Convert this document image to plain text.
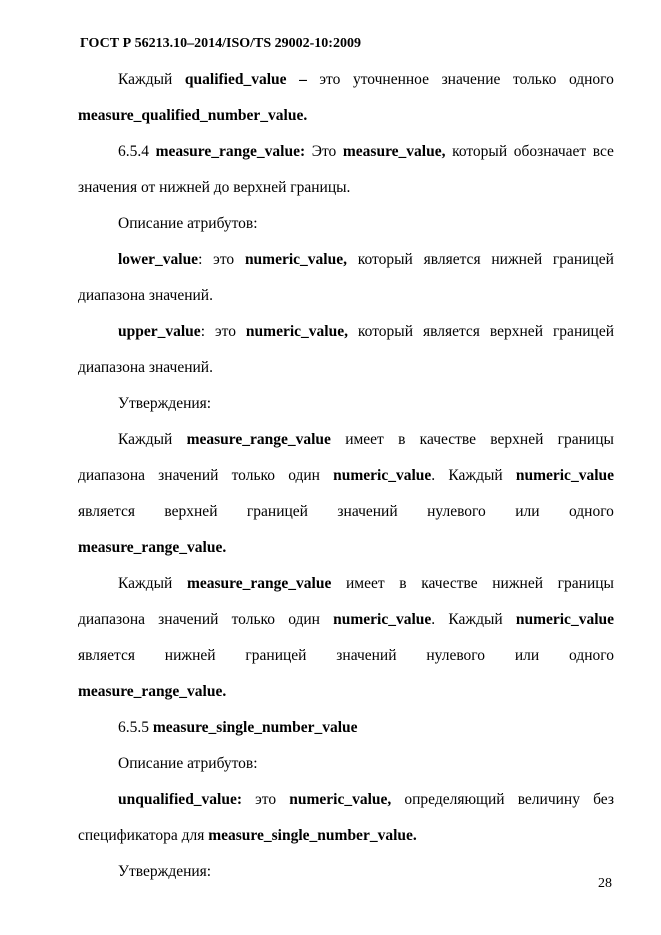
ГОСТ Р 56213.10–2014/ISO/TS 29002-10:2009
Каждый qualified_value – это уточненное значение только одного
measure_qualified_number_value.
6.5.4 measure_range_value: Это measure_value, который обозначает все
значения от нижней до верхней границы.
Описание атрибутов:
lower_value: это numeric_value, который является нижней границей
диапазона значений.
upper_value: это numeric_value, который является верхней границей
диапазона значений.
Утверждения:
Каждый measure_range_value имеет в качестве верхней границы
диапазона значений только один numeric_value. Каждый numeric_value
является верхней границей значений нулевого или одного
measure_range_value.
Каждый measure_range_value имеет в качестве нижней границы
диапазона значений только один numeric_value. Каждый numeric_value
является нижней границей значений нулевого или одного
measure_range_value.
6.5.5 measure_single_number_value
Описание атрибутов:
unqualified_value: это numeric_value, определяющий величину без
спецификатора для measure_single_number_value.
Утверждения:
28
